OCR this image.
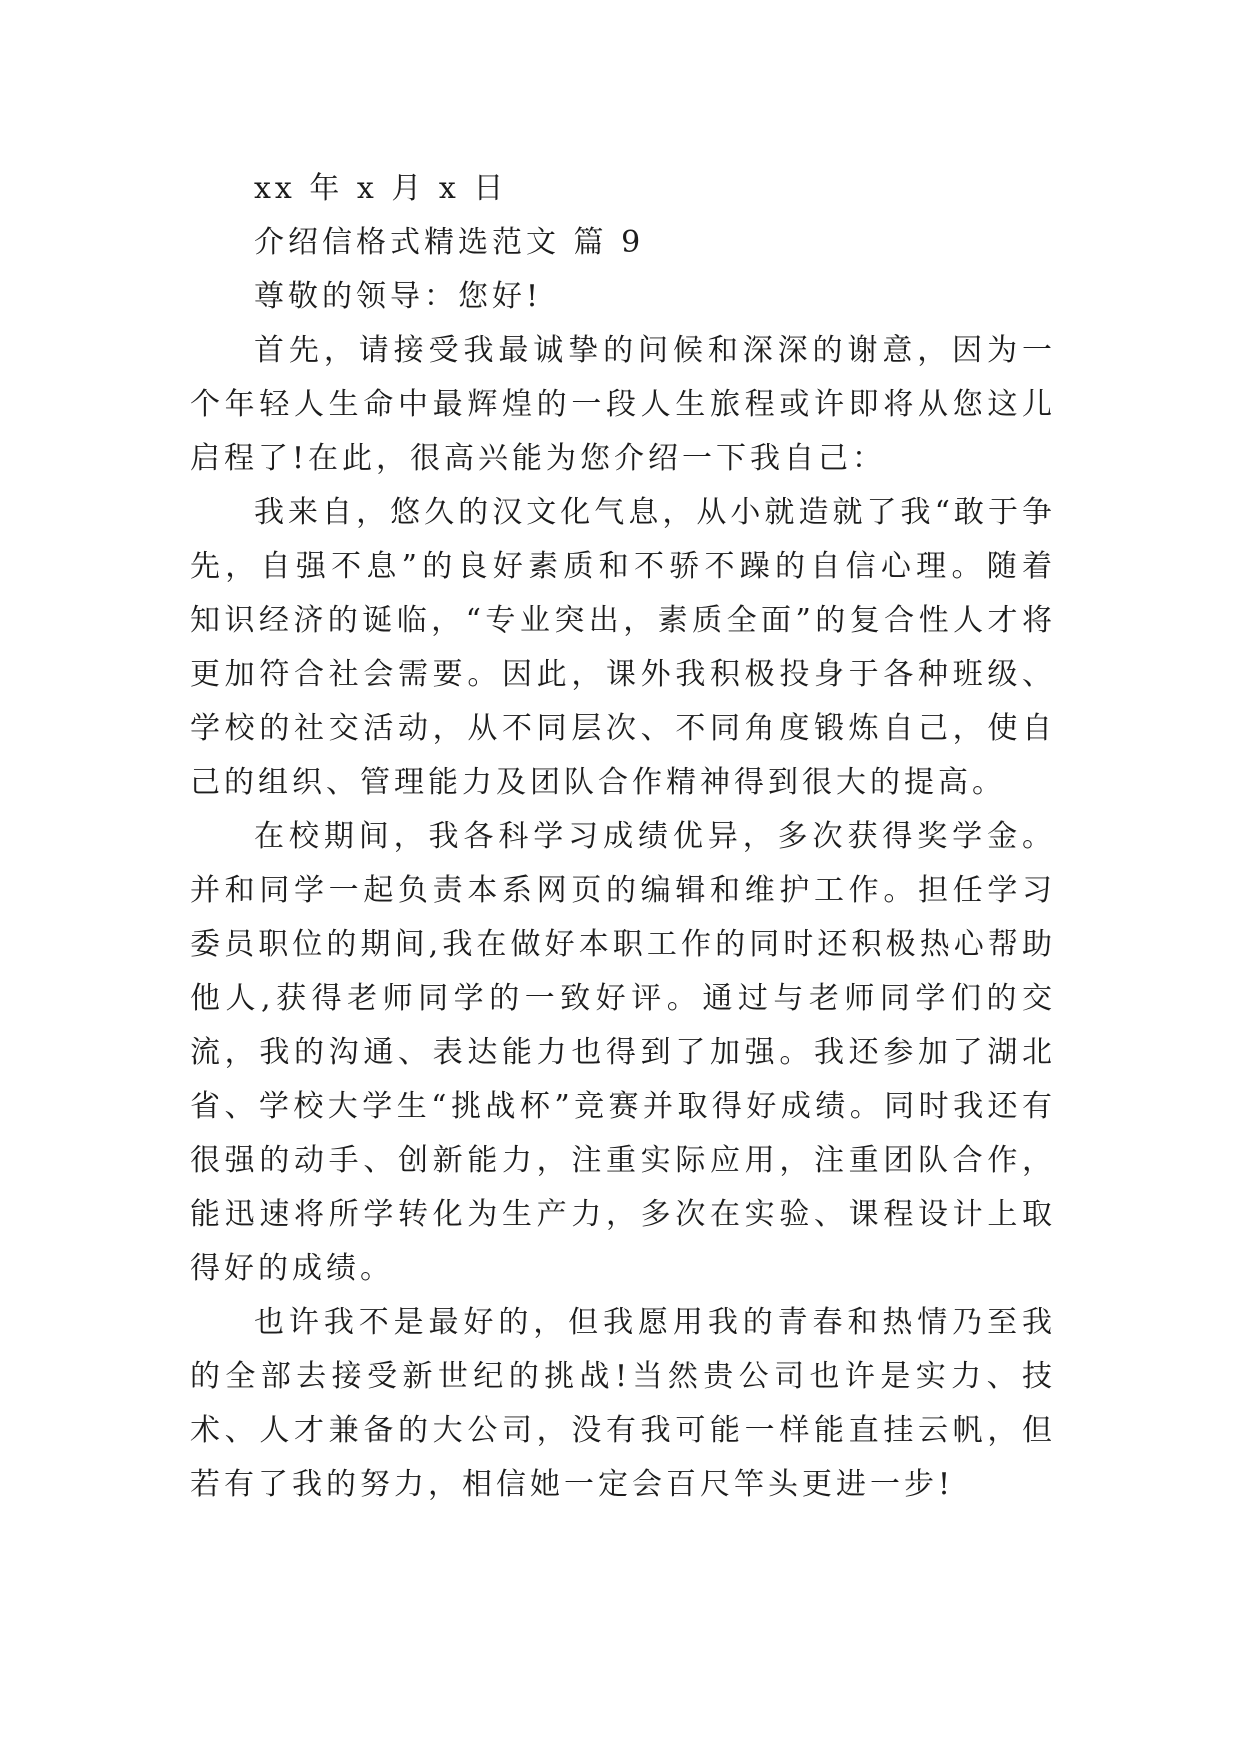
xx 年 x 月 x 日

介绍信格式精选范文 篇 9

尊敬的领导：您好!

首先，请接受我最诚挚的问候和深深的谢意，因为一个年轻人生命中最辉煌的一段人生旅程或许即将从您这儿启程了!在此，很高兴能为您介绍一下我自己：

我来自，悠久的汉文化气息，从小就造就了我“敢于争先，自强不息”的良好素质和不骄不躁的自信心理。随着知识经济的诞临，“专业突出，素质全面”的复合性人才将更加符合社会需要。因此，课外我积极投身于各种班级、学校的社交活动，从不同层次、不同角度锻炼自己，使自己的组织、管理能力及团队合作精神得到很大的提高。

在校期间，我各科学习成绩优异，多次获得奖学金。并和同学一起负责本系网页的编辑和维护工作。担任学习委员职位的期间,我在做好本职工作的同时还积极热心帮助他人,获得老师同学的一致好评。通过与老师同学们的交流，我的沟通、表达能力也得到了加强。我还参加了湖北省、学校大学生“挑战杯”竞赛并取得好成绩。同时我还有很强的动手、创新能力，注重实际应用，注重团队合作，能迅速将所学转化为生产力，多次在实验、课程设计上取得好的成绩。

也许我不是最好的，但我愿用我的青春和热情乃至我的全部去接受新世纪的挑战!当然贵公司也许是实力、技术、人才兼备的大公司，没有我可能一样能直挂云帆，但若有了我的努力，相信她一定会百尺竿头更进一步!
